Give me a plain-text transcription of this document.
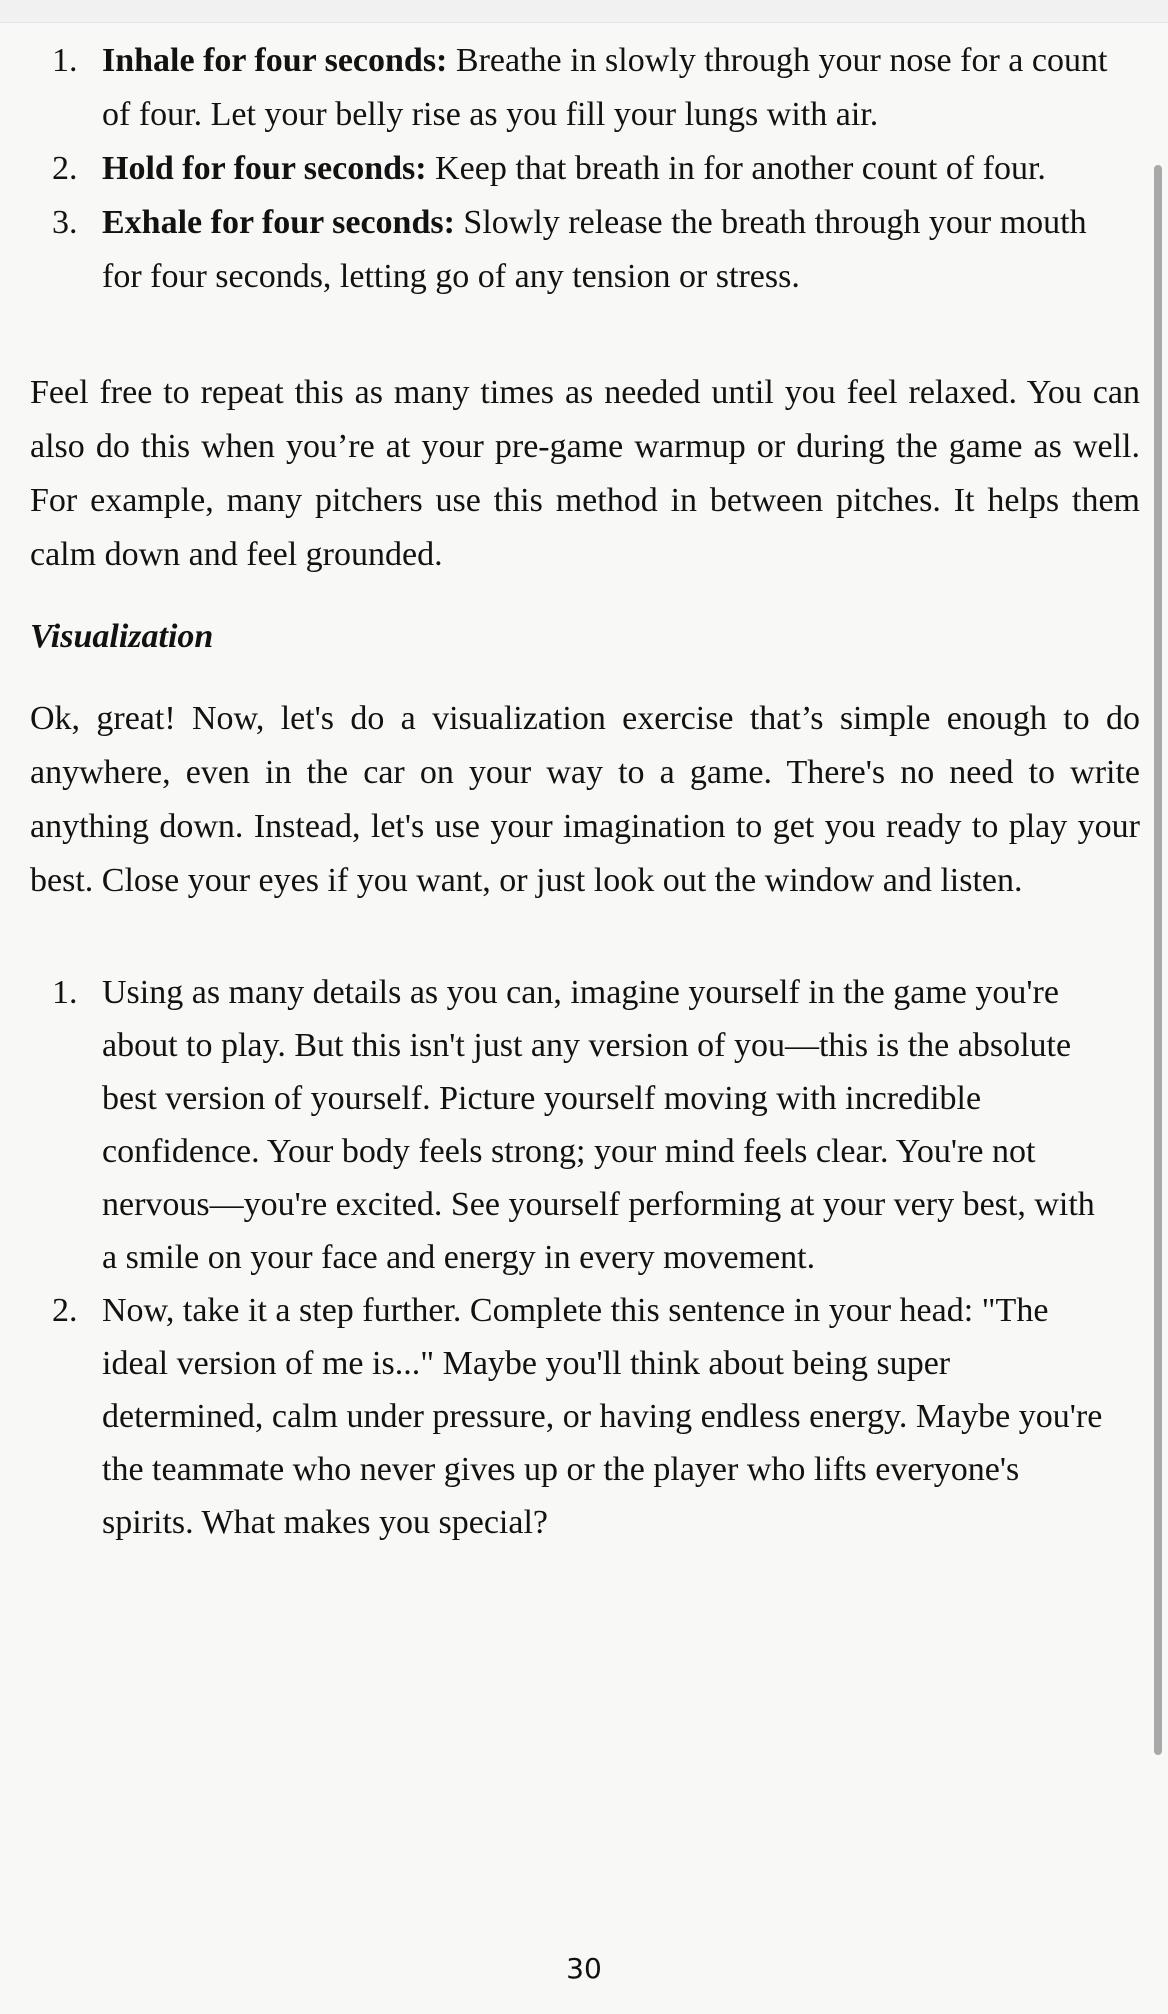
1. Inhale for four seconds: Breathe in slowly through your nose for a count of four. Let your belly rise as you fill your lungs with air.
2. Hold for four seconds: Keep that breath in for another count of four.
3. Exhale for four seconds: Slowly release the breath through your mouth for four seconds, letting go of any tension or stress.

Feel free to repeat this as many times as needed until you feel relaxed. You can also do this when you’re at your pre-game warmup or during the game as well. For example, many pitchers use this method in between pitches. It helps them calm down and feel grounded.

Visualization

Ok, great! Now, let's do a visualization exercise that’s simple enough to do anywhere, even in the car on your way to a game. There's no need to write anything down. Instead, let's use your imagination to get you ready to play your best. Close your eyes if you want, or just look out the window and listen.

1. Using as many details as you can, imagine yourself in the game you're about to play. But this isn't just any version of you—this is the absolute best version of yourself. Picture yourself moving with incredible confidence. Your body feels strong; your mind feels clear. You're not nervous—you're excited. See yourself performing at your very best, with a smile on your face and energy in every movement.
2. Now, take it a step further. Complete this sentence in your head: "The ideal version of me is..." Maybe you'll think about being super determined, calm under pressure, or having endless energy. Maybe you're the teammate who never gives up or the player who lifts everyone's spirits. What makes you special?
30
